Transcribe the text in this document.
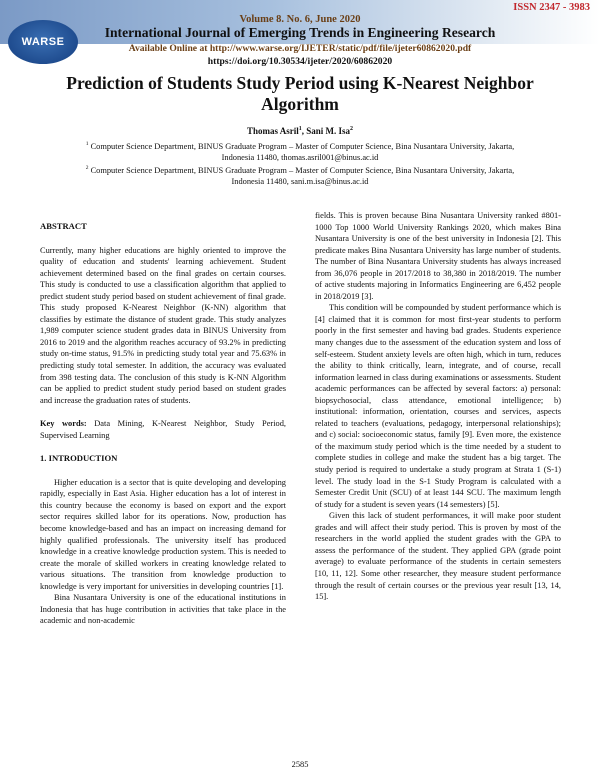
WARSE
ISSN 2347 - 3983
Volume 8. No. 6, June 2020
International Journal of Emerging Trends in Engineering Research
Available Online at http://www.warse.org/IJETER/static/pdf/file/ijeter60862020.pdf
https://doi.org/10.30534/ijeter/2020/60862020
Prediction of Students Study Period using K-Nearest Neighbor Algorithm
Thomas Asril$^1$, Sani M. Isa$^2$
$^1$ Computer Science Department, BINUS Graduate Program – Master of Computer Science, Bina Nusantara University, Jakarta, Indonesia 11480, thomas.asril001@binus.ac.id
$^2$ Computer Science Department, BINUS Graduate Program – Master of Computer Science, Bina Nusantara University, Jakarta, Indonesia 11480, sani.m.isa@binus.ac.id

ABSTRACT

Currently, many higher educations are highly oriented to improve the quality of education and students' learning achievement. Student achievement determined based on the final grades on certain courses. This study is conducted to use a classification algorithm that applied to predict student study period based on student achievement of final grade. This study proposed K-Nearest Neighbor (K-NN) algorithm that classifies by estimate the distance of student grade. This study analyzes 1,989 computer science student grades data in BINUS University from 2016 to 2019 and the algorithm reaches accuracy of 93.2% in predicting study on-time status, 91.5% in predicting study total year and 75.63% in predicting study total semester. In addition, the accuracy was evaluated from 398 testing data. The conclusion of this study is K-NN Algorithm can be applied to predict student study period based on student grades and increase the graduation rates of students.

Key words: Data Mining, K-Nearest Neighbor, Study Period, Supervised Learning

1. INTRODUCTION

Higher education is a sector that is quite developing and developing rapidly, especially in East Asia. Higher education has a lot of interest in this country because the economy is based on export and the export sector requires skilled labor for its operations. Now, production has become knowledge-based and has an impact on increasing demand for highly qualified professionals. The university itself has produced knowledge in a creative knowledge production system. This is needed to create the morale of skilled workers in creating knowledge related to various situations. The transition from knowledge production to knowledge is very important for universities in developing countries [1].

Bina Nusantara University is one of the educational institutions in Indonesia that has huge contribution in activities that take place in the academic and non-academic

fields. This is proven because Bina Nusantara University ranked #801-1000 Top 1000 World University Rankings 2020, which makes Bina Nusantara University is one of the best university in Indonesia [2]. This predicate makes Bina Nusantara University has large number of students. The number of Bina Nusantara University students has always increased from 36,076 people in 2017/2018 to 38,380 in 2018/2019. The number of active students majoring in Informatics Engineering are 6,452 people in 2018/2019 [3].

This condition will be compounded by student performance which is [4] claimed that it is common for most first-year students to perform poorly in the first semester and having bad grades. Students experience many changes due to the assessment of the education system and loss of self-esteem. Student anxiety levels are often high, which in turn, reduces the ability to think critically, learn, integrate, and of course, recall information learned in class during examinations or assessments. Student academic performances can be affected by several factors: a) personal: biopsychosocial, class attendance, emotional intelligence; b) institutional: information, orientation, courses and services, aspects related to teachers (evaluations, pedagogy, interpersonal relationships); and c) social: socioeconomic status, family [9]. Even more, the existence of the maximum study period which is the time needed by a student to complete studies in college and make the student has a big target. The study period is required to undertake a study program at Strata 1 (S-1) level. The study load in the S-1 Study Program is calculated with a Semester Credit Unit (SCU) of at least 144 SCU. The maximum length of study for a student is seven years (14 semesters) [5].

Given this lack of student performances, it will make poor student grades and will affect their study period. This is proven by most of the researchers in the world applied the student grades with the GPA to assess the performance of the student. They applied GPA (grade point average) to evaluate performance of the students in certain semesters [10, 11, 12]. Some other researcher, they measure student performance through the result of certain courses or the previous year result [13, 14, 15].

2585
